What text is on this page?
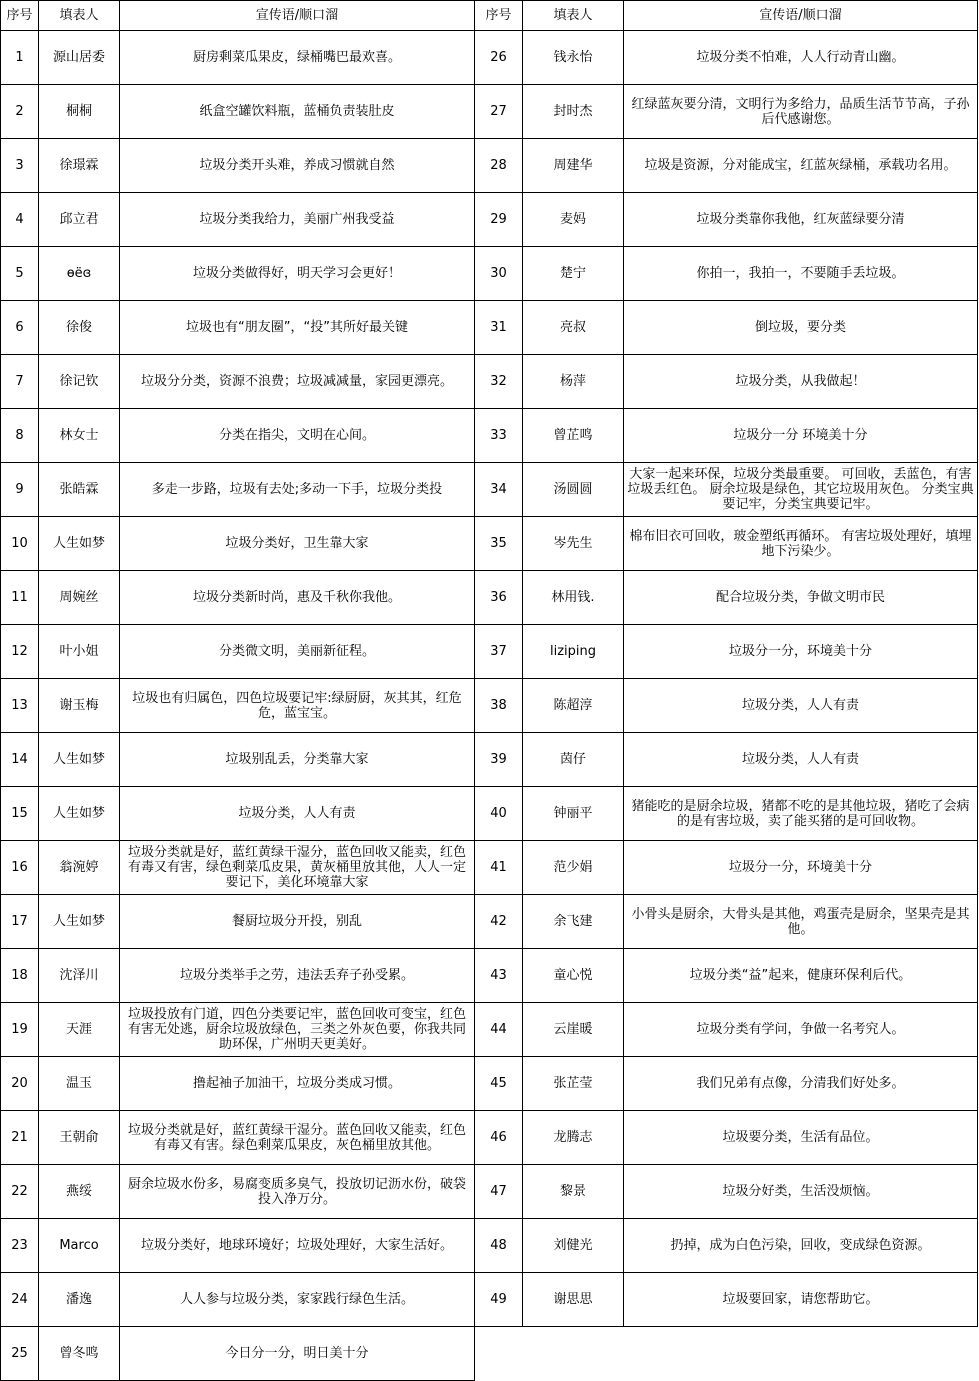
序号	填表人	宣传语/顺口溜	序号	填表人	宣传语/顺口溜
1	源山居委	厨房剩菜瓜果皮，绿桶嘴巴最欢喜。	26	钱永怡	垃圾分类不怕难，人人行动青山幽。
2	桐桐	纸盒空罐饮料瓶，蓝桶负责装肚皮	27	封时杰	红绿蓝灰要分清，文明行为多给力，品质生活节节高，子孙后代感谢您。
3	徐璟霖	垃圾分类开头难，养成习惯就自然	28	周建华	垃圾是资源，分对能成宝，红蓝灰绿桶，承载功名用。
4	邱立君	垃圾分类我给力，美丽广州我受益	29	麦妈	垃圾分类靠你我他，红灰蓝绿要分清
5	ɵëɞ	垃圾分类做得好，明天学习会更好！	30	楚宁	你拍一，我拍一，不要随手丢垃圾。
6	徐俊	垃圾也有“朋友圈”，“投”其所好最关键	31	亮叔	倒垃圾，要分类
7	徐记钦	垃圾分分类，资源不浪费；垃圾减减量，家园更漂亮。	32	杨萍	垃圾分类，从我做起！
8	林女士	分类在指尖，文明在心间。	33	曾芷鸣	垃圾分一分 环境美十分
9	张皓霖	多走一步路，垃圾有去处;多动一下手，垃圾分类投	34	汤圆圆	大家一起来环保，垃圾分类最重要。 可回收，丢蓝色，有害垃圾丢红色。 厨余垃圾是绿色，其它垃圾用灰色。 分类宝典要记牢，分类宝典要记牢。
10	人生如梦	垃圾分类好，卫生靠大家	35	岑先生	棉布旧衣可回收，玻金塑纸再循环。 有害垃圾处理好，填埋地下污染少。
11	周婉丝	垃圾分类新时尚，惠及千秋你我他。	36	林用钱.	配合垃圾分类，争做文明市民
12	叶小姐	分类微文明，美丽新征程。	37	liziping	垃圾分一分，环境美十分
13	谢玉梅	垃圾也有归属色，四色垃圾要记牢:绿厨厨，灰其其，红危危，蓝宝宝。	38	陈超淳	垃圾分类，人人有责
14	人生如梦	垃圾别乱丢，分类靠大家	39	茵仔	垃圾分类，人人有责
15	人生如梦	垃圾分类，人人有责	40	钟丽平	猪能吃的是厨余垃圾，猪都不吃的是其他垃圾，猪吃了会病的是有害垃圾，卖了能买猪的是可回收物。
16	翁涴婷	垃圾分类就是好，蓝红黄绿干湿分，蓝色回收又能卖，红色有毒又有害，绿色剩菜瓜皮果，黄灰桶里放其他，人人一定要记下，美化环境靠大家	41	范少娟	垃圾分一分，环境美十分
17	人生如梦	餐厨垃圾分开投，别乱	42	余飞建	小骨头是厨余，大骨头是其他，鸡蛋壳是厨余，坚果壳是其他。
18	沈泽川	垃圾分类举手之劳，违法丢弃子孙受累。	43	童心悦	垃圾分类“益”起来，健康环保利后代。
19	天涯	垃圾投放有门道，四色分类要记牢，蓝色回收可变宝，红色有害无处逃，厨余垃圾放绿色，三类之外灰色要，你我共同助环保，广州明天更美好。	44	云崖暖	垃圾分类有学问，争做一名考究人。
20	温玉	撸起袖子加油干，垃圾分类成习惯。	45	张芷莹	我们兄弟有点像，分清我们好处多。
21	王朝俞	垃圾分类就是好，蓝红黄绿干湿分。蓝色回收又能卖，红色有毒又有害。绿色剩菜瓜果皮，灰色桶里放其他。	46	龙腾志	垃圾要分类，生活有品位。
22	燕绥	厨余垃圾水份多，易腐变质多臭气，投放切记沥水份，破袋投入净万分。	47	黎景	垃圾分好类，生活没烦恼。
23	Marco	垃圾分类好，地球环境好；垃圾处理好，大家生活好。	48	刘健光	扔掉，成为白色污染，回收，变成绿色资源。
24	潘逸	人人参与垃圾分类，家家践行绿色生活。	49	谢思思	垃圾要回家，请您帮助它。
25	曾冬鸣	今日分一分，明日美十分			
